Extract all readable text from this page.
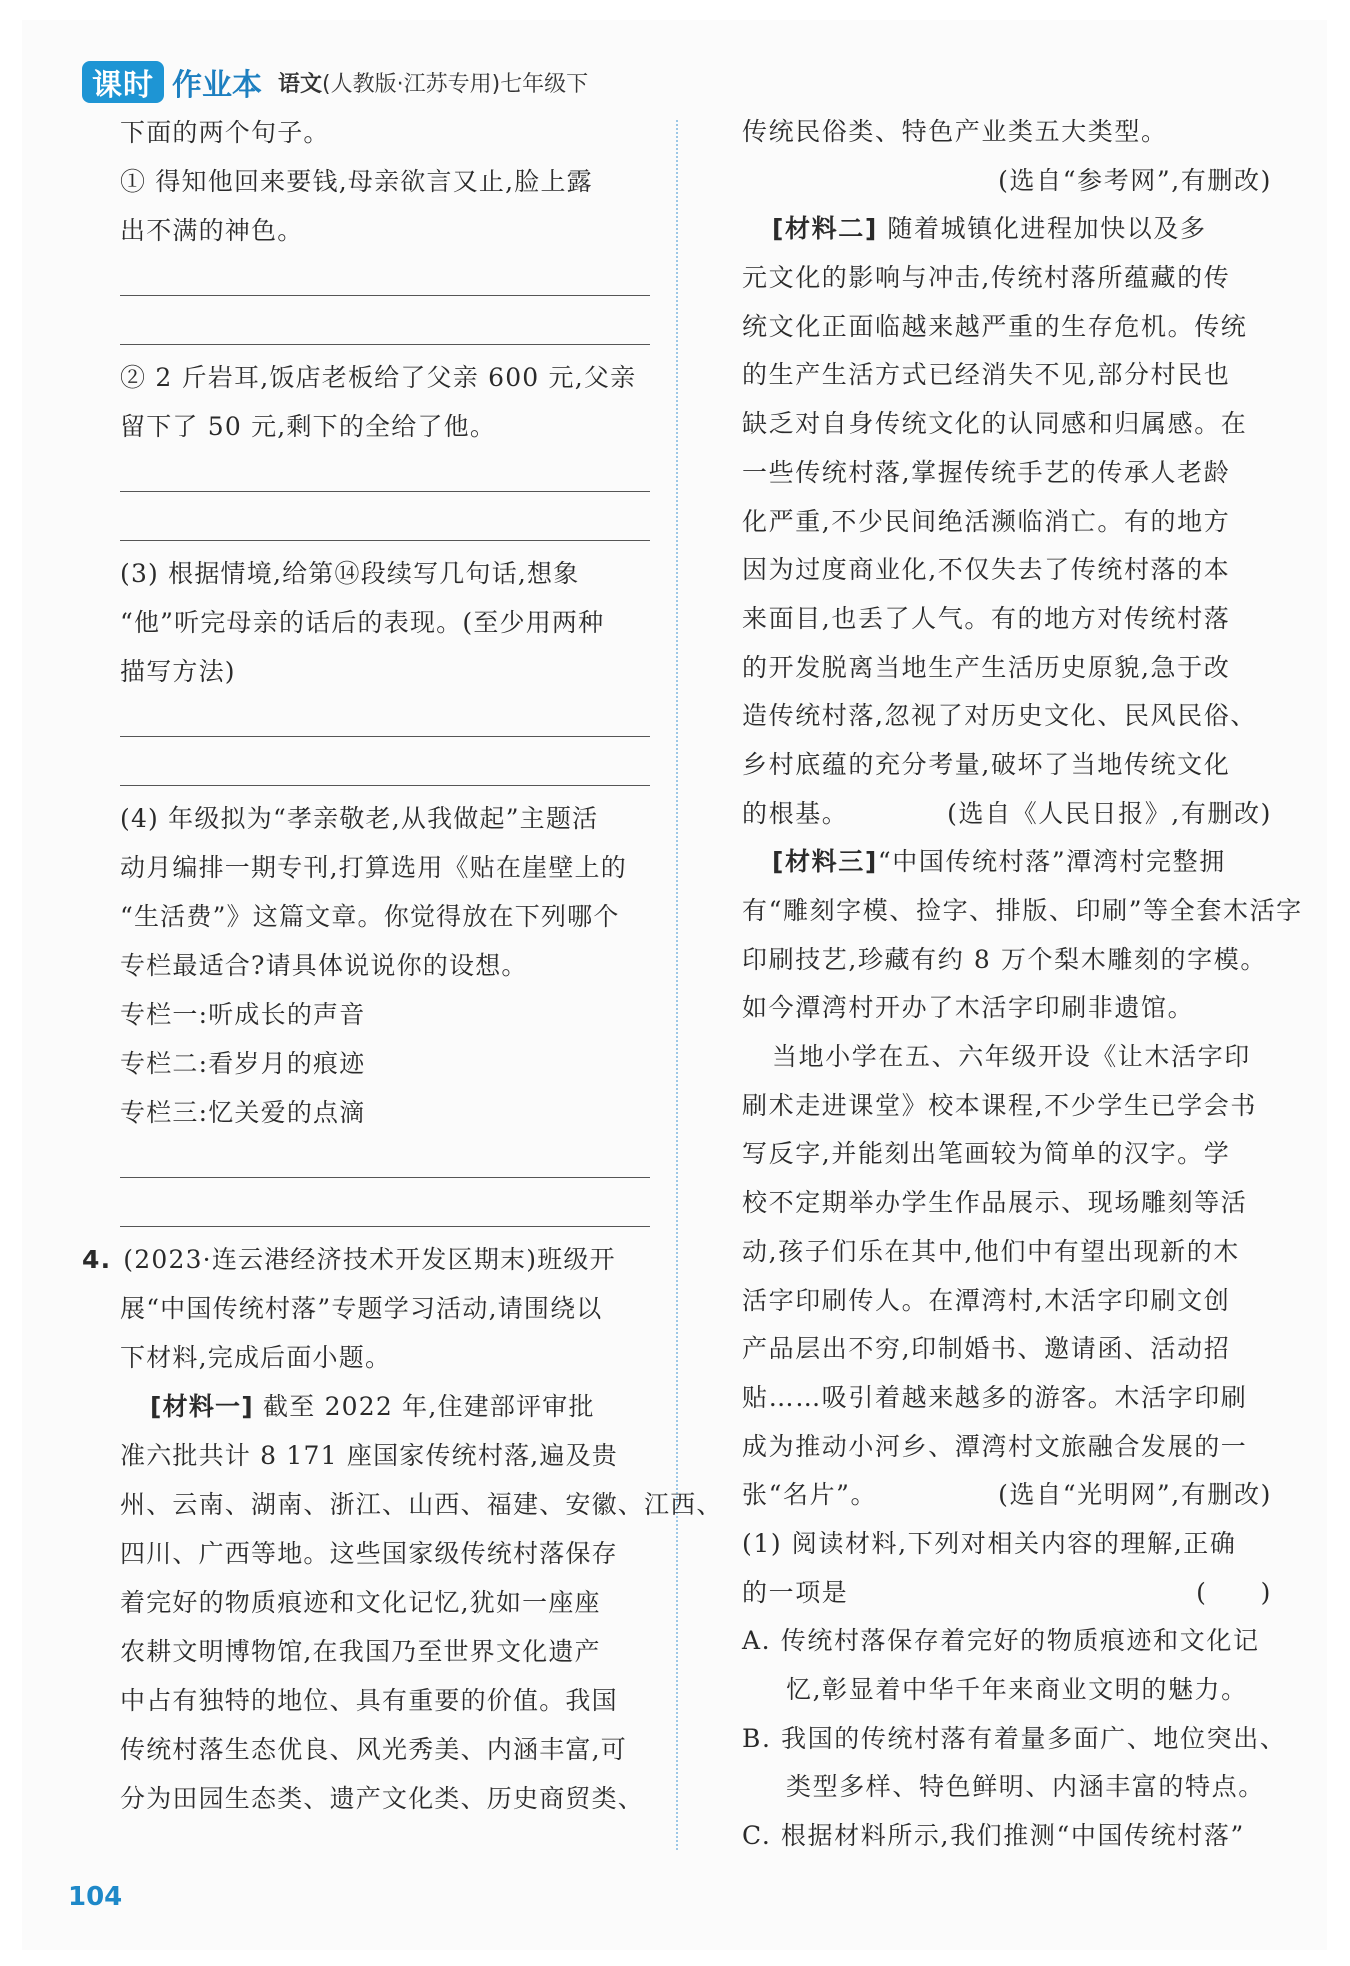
课时 作业本 语文(人教版·江苏专用)七年级下
下面的两个句子。
① 得知他回来要钱,母亲欲言又止,脸上露
出不满的神色。
② 2 斤岩耳,饭店老板给了父亲 600 元,父亲
留下了 50 元,剩下的全给了他。
(3) 根据情境,给第⑭段续写几句话,想象
“他”听完母亲的话后的表现。(至少用两种
描写方法)
(4) 年级拟为“孝亲敬老,从我做起”主题活
动月编排一期专刊,打算选用《贴在崖壁上的
“生活费”》这篇文章。你觉得放在下列哪个
专栏最适合?请具体说说你的设想。
专栏一:听成长的声音
专栏二:看岁月的痕迹
专栏三:忆关爱的点滴
4. (2023·连云港经济技术开发区期末)班级开
展“中国传统村落”专题学习活动,请围绕以
下材料,完成后面小题。
[材料一] 截至 2022 年,住建部评审批
准六批共计 8 171 座国家传统村落,遍及贵
州、云南、湖南、浙江、山西、福建、安徽、江西、
四川、广西等地。这些国家级传统村落保存
着完好的物质痕迹和文化记忆,犹如一座座
农耕文明博物馆,在我国乃至世界文化遗产
中占有独特的地位、具有重要的价值。我国
传统村落生态优良、风光秀美、内涵丰富,可
分为田园生态类、遗产文化类、历史商贸类、
传统民俗类、特色产业类五大类型。
(选自“参考网”,有删改)
[材料二] 随着城镇化进程加快以及多
元文化的影响与冲击,传统村落所蕴藏的传
统文化正面临越来越严重的生存危机。传统
的生产生活方式已经消失不见,部分村民也
缺乏对自身传统文化的认同感和归属感。在
一些传统村落,掌握传统手艺的传承人老龄
化严重,不少民间绝活濒临消亡。有的地方
因为过度商业化,不仅失去了传统村落的本
来面目,也丢了人气。有的地方对传统村落
的开发脱离当地生产生活历史原貌,急于改
造传统村落,忽视了对历史文化、民风民俗、
乡村底蕴的充分考量,破坏了当地传统文化
的根基。	(选自《人民日报》,有删改)
[材料三]“中国传统村落”潭湾村完整拥
有“雕刻字模、捡字、排版、印刷”等全套木活字
印刷技艺,珍藏有约 8 万个梨木雕刻的字模。
如今潭湾村开办了木活字印刷非遗馆。
当地小学在五、六年级开设《让木活字印
刷术走进课堂》校本课程,不少学生已学会书
写反字,并能刻出笔画较为简单的汉字。学
校不定期举办学生作品展示、现场雕刻等活
动,孩子们乐在其中,他们中有望出现新的木
活字印刷传人。在潭湾村,木活字印刷文创
产品层出不穷,印制婚书、邀请函、活动招
贴……吸引着越来越多的游客。木活字印刷
成为推动小河乡、潭湾村文旅融合发展的一
张“名片”。	(选自“光明网”,有删改)
(1) 阅读材料,下列对相关内容的理解,正确
的一项是	(　　)
A. 传统村落保存着完好的物质痕迹和文化记
忆,彰显着中华千年来商业文明的魅力。
B. 我国的传统村落有着量多面广、地位突出、
类型多样、特色鲜明、内涵丰富的特点。
C. 根据材料所示,我们推测“中国传统村落”
104
